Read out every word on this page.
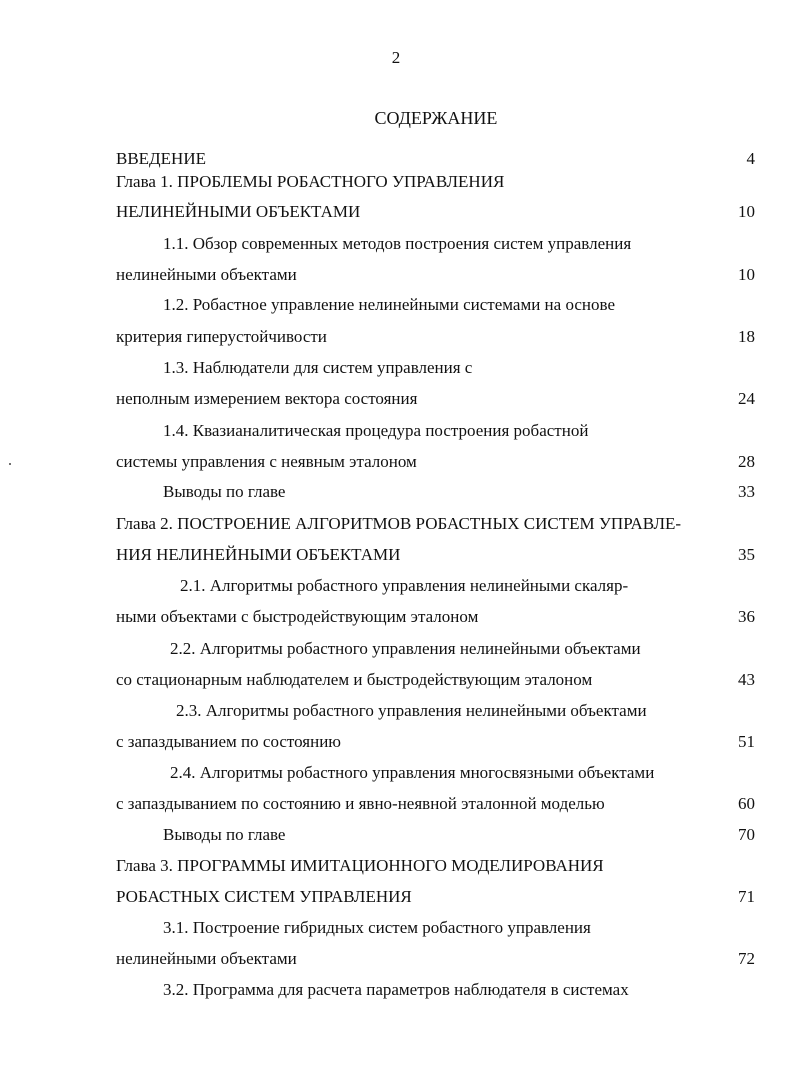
2
СОДЕРЖАНИЕ
ВВЕДЕНИЕ	4
Глава 1. ПРОБЛЕМЫ РОБАСТНОГО УПРАВЛЕНИЯ
НЕЛИНЕЙНЫМИ ОБЪЕКТАМИ	10
1.1. Обзор современных методов построения систем управления
нелинейными объектами	10
1.2. Робастное управление нелинейными системами на основе
критерия гиперустойчивости	18
1.3. Наблюдатели для систем управления с
неполным измерением вектора состояния	24
1.4. Квазианалитическая процедура построения робастной
системы управления с неявным эталоном	28
Выводы по главе	33
Глава 2. ПОСТРОЕНИЕ АЛГОРИТМОВ РОБАСТНЫХ СИСТЕМ УПРАВЛЕ-
НИЯ НЕЛИНЕЙНЫМИ ОБЪЕКТАМИ	35
2.1. Алгоритмы робастного управления нелинейными скаляр-
ными объектами с быстродействующим эталоном	36
2.2. Алгоритмы робастного управления нелинейными объектами
со стационарным наблюдателем и быстродействующим эталоном	43
2.3. Алгоритмы робастного управления нелинейными объектами
с запаздыванием по состоянию	51
2.4. Алгоритмы робастного управления многосвязными объектами
с запаздыванием по состоянию и явно-неявной эталонной моделью	60
Выводы по главе	70
Глава 3. ПРОГРАММЫ ИМИТАЦИОННОГО МОДЕЛИРОВАНИЯ
РОБАСТНЫХ СИСТЕМ УПРАВЛЕНИЯ	71
3.1. Построение гибридных систем робастного управления
нелинейными объектами	72
3.2. Программа для расчета параметров наблюдателя в системах
